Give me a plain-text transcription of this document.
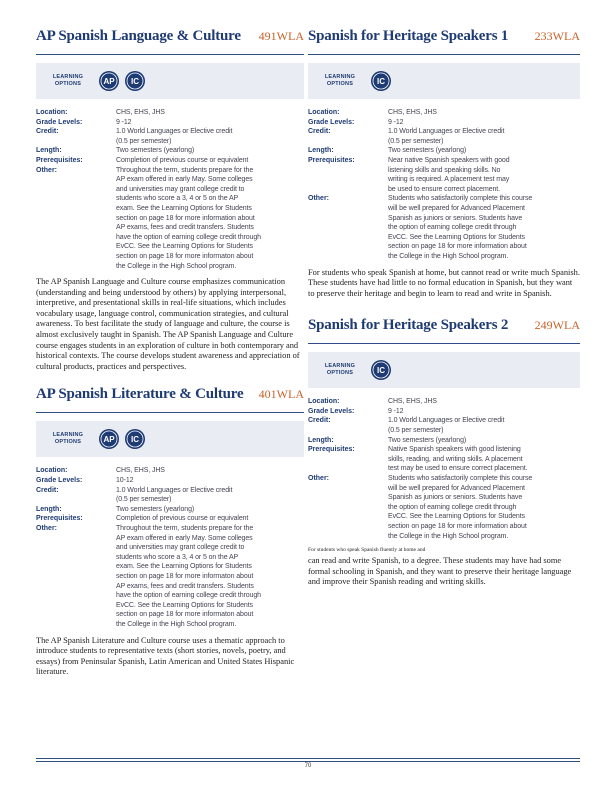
AP Spanish Language & Culture 491WLA
LEARNING OPTIONS	AP IC
Location:	CHS, EHS, JHS
Grade Levels:	9 -12
Credit:	1.0 World Languages or Elective credit
(0.5 per semester)
Length:	Two semesters (yearlong)
Prerequisites:	Completion of previous course or equivalent
Other:	Throughout the term, students prepare for the
AP exam offered in early May. Some colleges
and universities may grant college credit to
students who score a 3, 4 or 5 on the AP
exam. See the Learning Options for Students
section on page 18 for more information about
AP exams, fees and credit transfers. Students
have the option of earning college credit through
EvCC. See the Learning Options for Students
section on page 18 for more informaton about
the College in the High School program.
The AP Spanish Language and Culture course emphasizes communication (understanding and being understood by others) by applying interpersonal, interpretive, and presentational skills in real-life situations, which includes vocabulary usage, language control, communication strategies, and cultural awareness. To best facilitate the study of language and culture, the course is almost exclusively taught in Spanish. The AP Spanish Language and Culture course engages students in an exploration of culture in both contemporary and historical contexts. The course develops student awareness and appreciation of cultural products, practices and perspectives.
AP Spanish Literature & Culture 401WLA
LEARNING OPTIONS	AP IC
Location:	CHS, EHS, JHS
Grade Levels:	10-12
Credit:	1.0 World Languages or Elective credit
(0.5 per semester)
Length:	Two semesters (yearlong)
Prerequisites:	Completion of previous course or equivalent
Other:	Throughout the term, students prepare for the
AP exam offered in early May. Some colleges
and universities may grant college credit to
students who score a 3, 4 or 5 on the AP
exam. See the Learning Options for Students
section on page 18 for more informaton about
AP exams, fees and credit transfers. Students
have the option of earning college credit through
EvCC. See the Learning Options for Students
section on page 18 for more informaton about
the College in the High School program.
The AP Spanish Literature and Culture course uses a thematic approach to introduce students to representative texts (short stories, novels, poetry, and essays) from Peninsular Spanish, Latin American and United States Hispanic literature.
Spanish for Heritage Speakers 1 233WLA
LEARNING OPTIONS	IC
Location:	CHS, EHS, JHS
Grade Levels:	9 -12
Credit:	1.0 World Languages or Elective credit
(0.5 per semester)
Length:	Two semesters (yearlong)
Prerequisites:	Near native Spanish speakers with good
listening skills and speaking skills. No
writing is required. A placement test may
be used to ensure correct placement.
Other:	Students who satisfactorily complete this course
will be well prepared for Advanced Placement
Spanish as juniors or seniors. Students have
the option of earning college credit through
EvCC. See the Learning Options for Students
section on page 18 for more information about
the College in the High School program.
For students who speak Spanish at home, but cannot read or write much Spanish. These students have had little to no formal education in Spanish, but they want to preserve their heritage and begin to learn to read and write in Spanish.
Spanish for Heritage Speakers 2 249WLA
LEARNING OPTIONS	IC
Location:	CHS, EHS, JHS
Grade Levels:	9 -12
Credit:	1.0 World Languages or Elective credit
(0.5 per semester)
Length:	Two semesters (yearlong)
Prerequisites:	Native Spanish speakers with good listening
skills, reading, and writing skills. A placement
test may be used to ensure correct placement.
Other:	Students who satisfactorily complete this course
will be well prepared for Advanced Placement
Spanish as juniors or seniors. Students have
the option of earning college credit through
EvCC. See the Learning Options for Students
section on page 18 for more information about
the College in the High School program.
For students who speak Spanish fluently at home and
can read and write Spanish, to a degree. These students may have had some formal schooling in Spanish, and they want to preserve their heritage language and improve their Spanish reading and writing skills.
70
